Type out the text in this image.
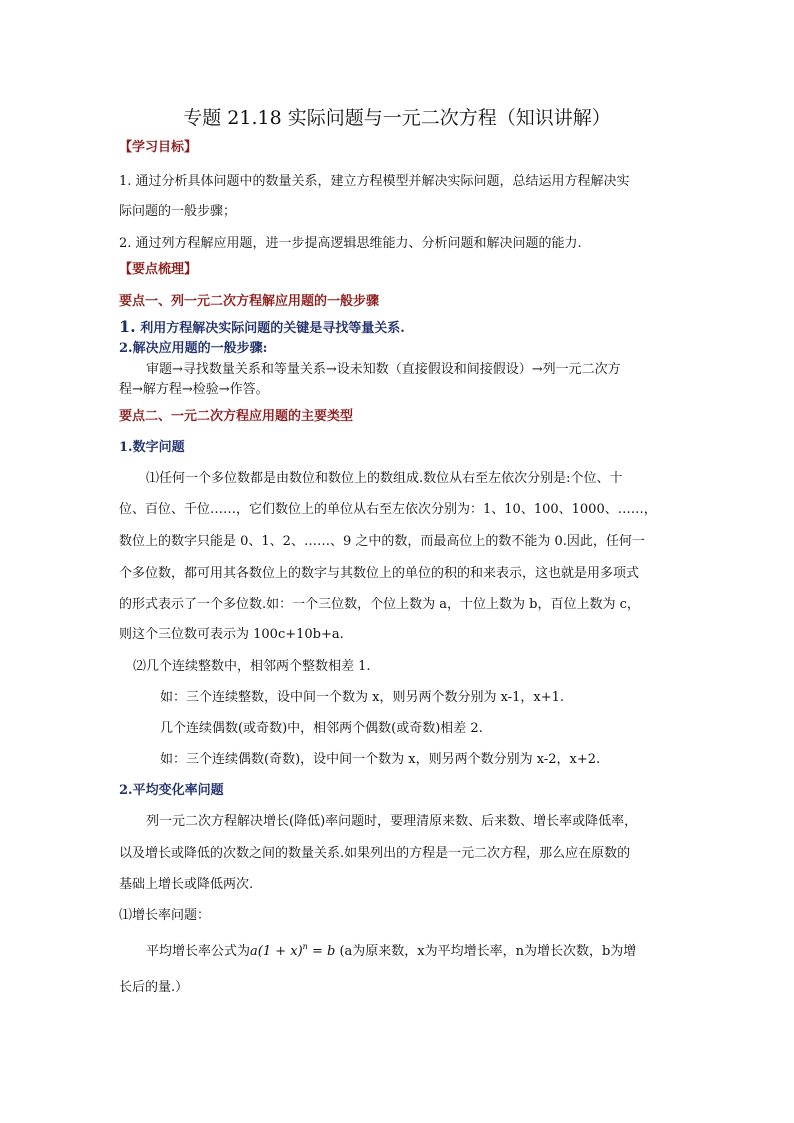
专题 21.18 实际问题与一元二次方程（知识讲解）
【学习目标】
1. 通过分析具体问题中的数量关系，建立方程模型并解决实际问题，总结运用方程解决实
际问题的一般步骤；
2. 通过列方程解应用题，进一步提高逻辑思维能力、分析问题和解决问题的能力.
【要点梳理】
要点一、列一元二次方程解应用题的一般步骤
1. 利用方程解决实际问题的关键是寻找等量关系.
2.解决应用题的一般步骤:
审题→寻找数量关系和等量关系→设未知数（直接假设和间接假设）→列一元二次方
程→解方程→检验→作答。
要点二、一元二次方程应用题的主要类型
1.数字问题
⑴任何一个多位数都是由数位和数位上的数组成.数位从右至左依次分别是:个位、十
位、百位、千位……，它们数位上的单位从右至左依次分别为：1、10、100、1000、……，
数位上的数字只能是 0、1、2、……、9 之中的数，而最高位上的数不能为 0.因此，任何一
个多位数，都可用其各数位上的数字与其数位上的单位的积的和来表示，这也就是用多项式
的形式表示了一个多位数.如：一个三位数，个位上数为 a，十位上数为 b，百位上数为 c，
则这个三位数可表示为 100c+10b+a.
⑵几个连续整数中，相邻两个整数相差 1.
如：三个连续整数，设中间一个数为 x，则另两个数分别为 x-1，x+1.
几个连续偶数(或奇数)中，相邻两个偶数(或奇数)相差 2.
如：三个连续偶数(奇数)，设中间一个数为 x，则另两个数分别为 x-2，x+2.
2.平均变化率问题
列一元二次方程解决增长(降低)率问题时，要理清原来数、后来数、增长率或降低率，
以及增长或降低的次数之间的数量关系.如果列出的方程是一元二次方程，那么应在原数的
基础上增长或降低两次.
⑴增长率问题：
平均增长率公式为$a(1 + x)^n = b$ (a为原来数，x为平均增长率，n为增长次数，b为增
长后的量.）
